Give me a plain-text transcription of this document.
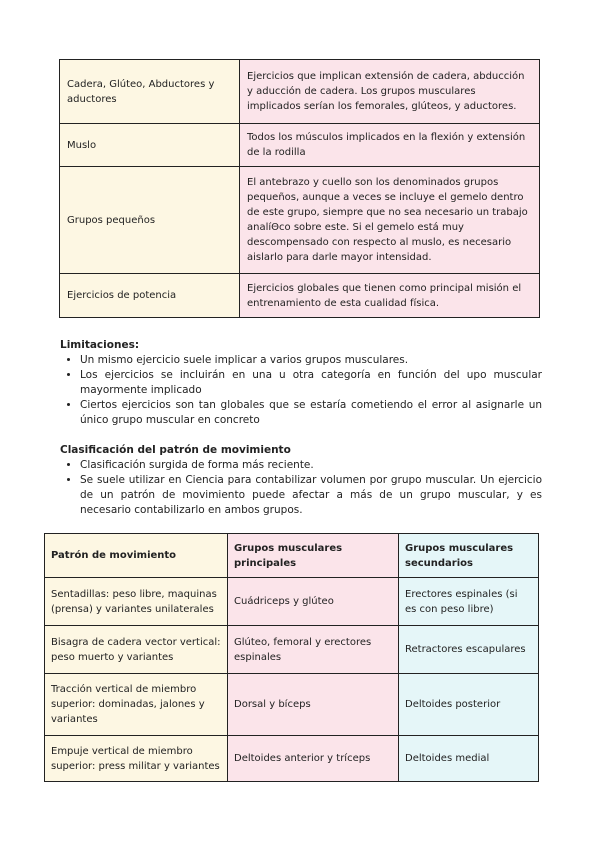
Cadera, Glúteo, Abductores y aductores	Ejercicios que implican extensión de cadera, abducción y aducción de cadera. Los grupos musculares implicados serían los femorales, glúteos, y aductores.
Muslo	Todos los músculos implicados en la flexión y extensión de la rodilla
Grupos pequeños	El antebrazo y cuello son los denominados grupos pequeños, aunque a veces se incluye el gemelo dentro de este grupo, siempre que no sea necesario un trabajo analíΘco sobre este. Si el gemelo está muy descompensado con respecto al muslo, es necesario aislarlo para darle mayor intensidad.
Ejercicios de potencia	Ejercicios globales que tienen como principal misión el entrenamiento de esta cualidad física.
Limitaciones:
• Un mismo ejercicio suele implicar a varios grupos musculares.
• Los ejercicios se incluirán en una u otra categoría en función del upo muscular mayormente implicado
• Ciertos ejercicios son tan globales que se estaría cometiendo el error al asignarle un único grupo muscular en concreto
Clasificación del patrón de movimiento
• Clasificación surgida de forma más reciente.
• Se suele utilizar en Ciencia para contabilizar volumen por grupo muscular. Un ejercicio de un patrón de movimiento puede afectar a más de un grupo muscular, y es necesario contabilizarlo en ambos grupos.
Patrón de movimiento	Grupos musculares principales	Grupos musculares secundarios
Sentadillas: peso libre, maquinas (prensa) y variantes unilaterales	Cuádriceps y glúteo	Erectores espinales (si es con peso libre)
Bisagra de cadera vector vertical: peso muerto y variantes	Glúteo, femoral y erectores espinales	Retractores escapulares
Tracción vertical de miembro superior: dominadas, jalones y variantes	Dorsal y bíceps	Deltoides posterior
Empuje vertical de miembro superior: press militar y variantes	Deltoides anterior y tríceps	Deltoides medial
